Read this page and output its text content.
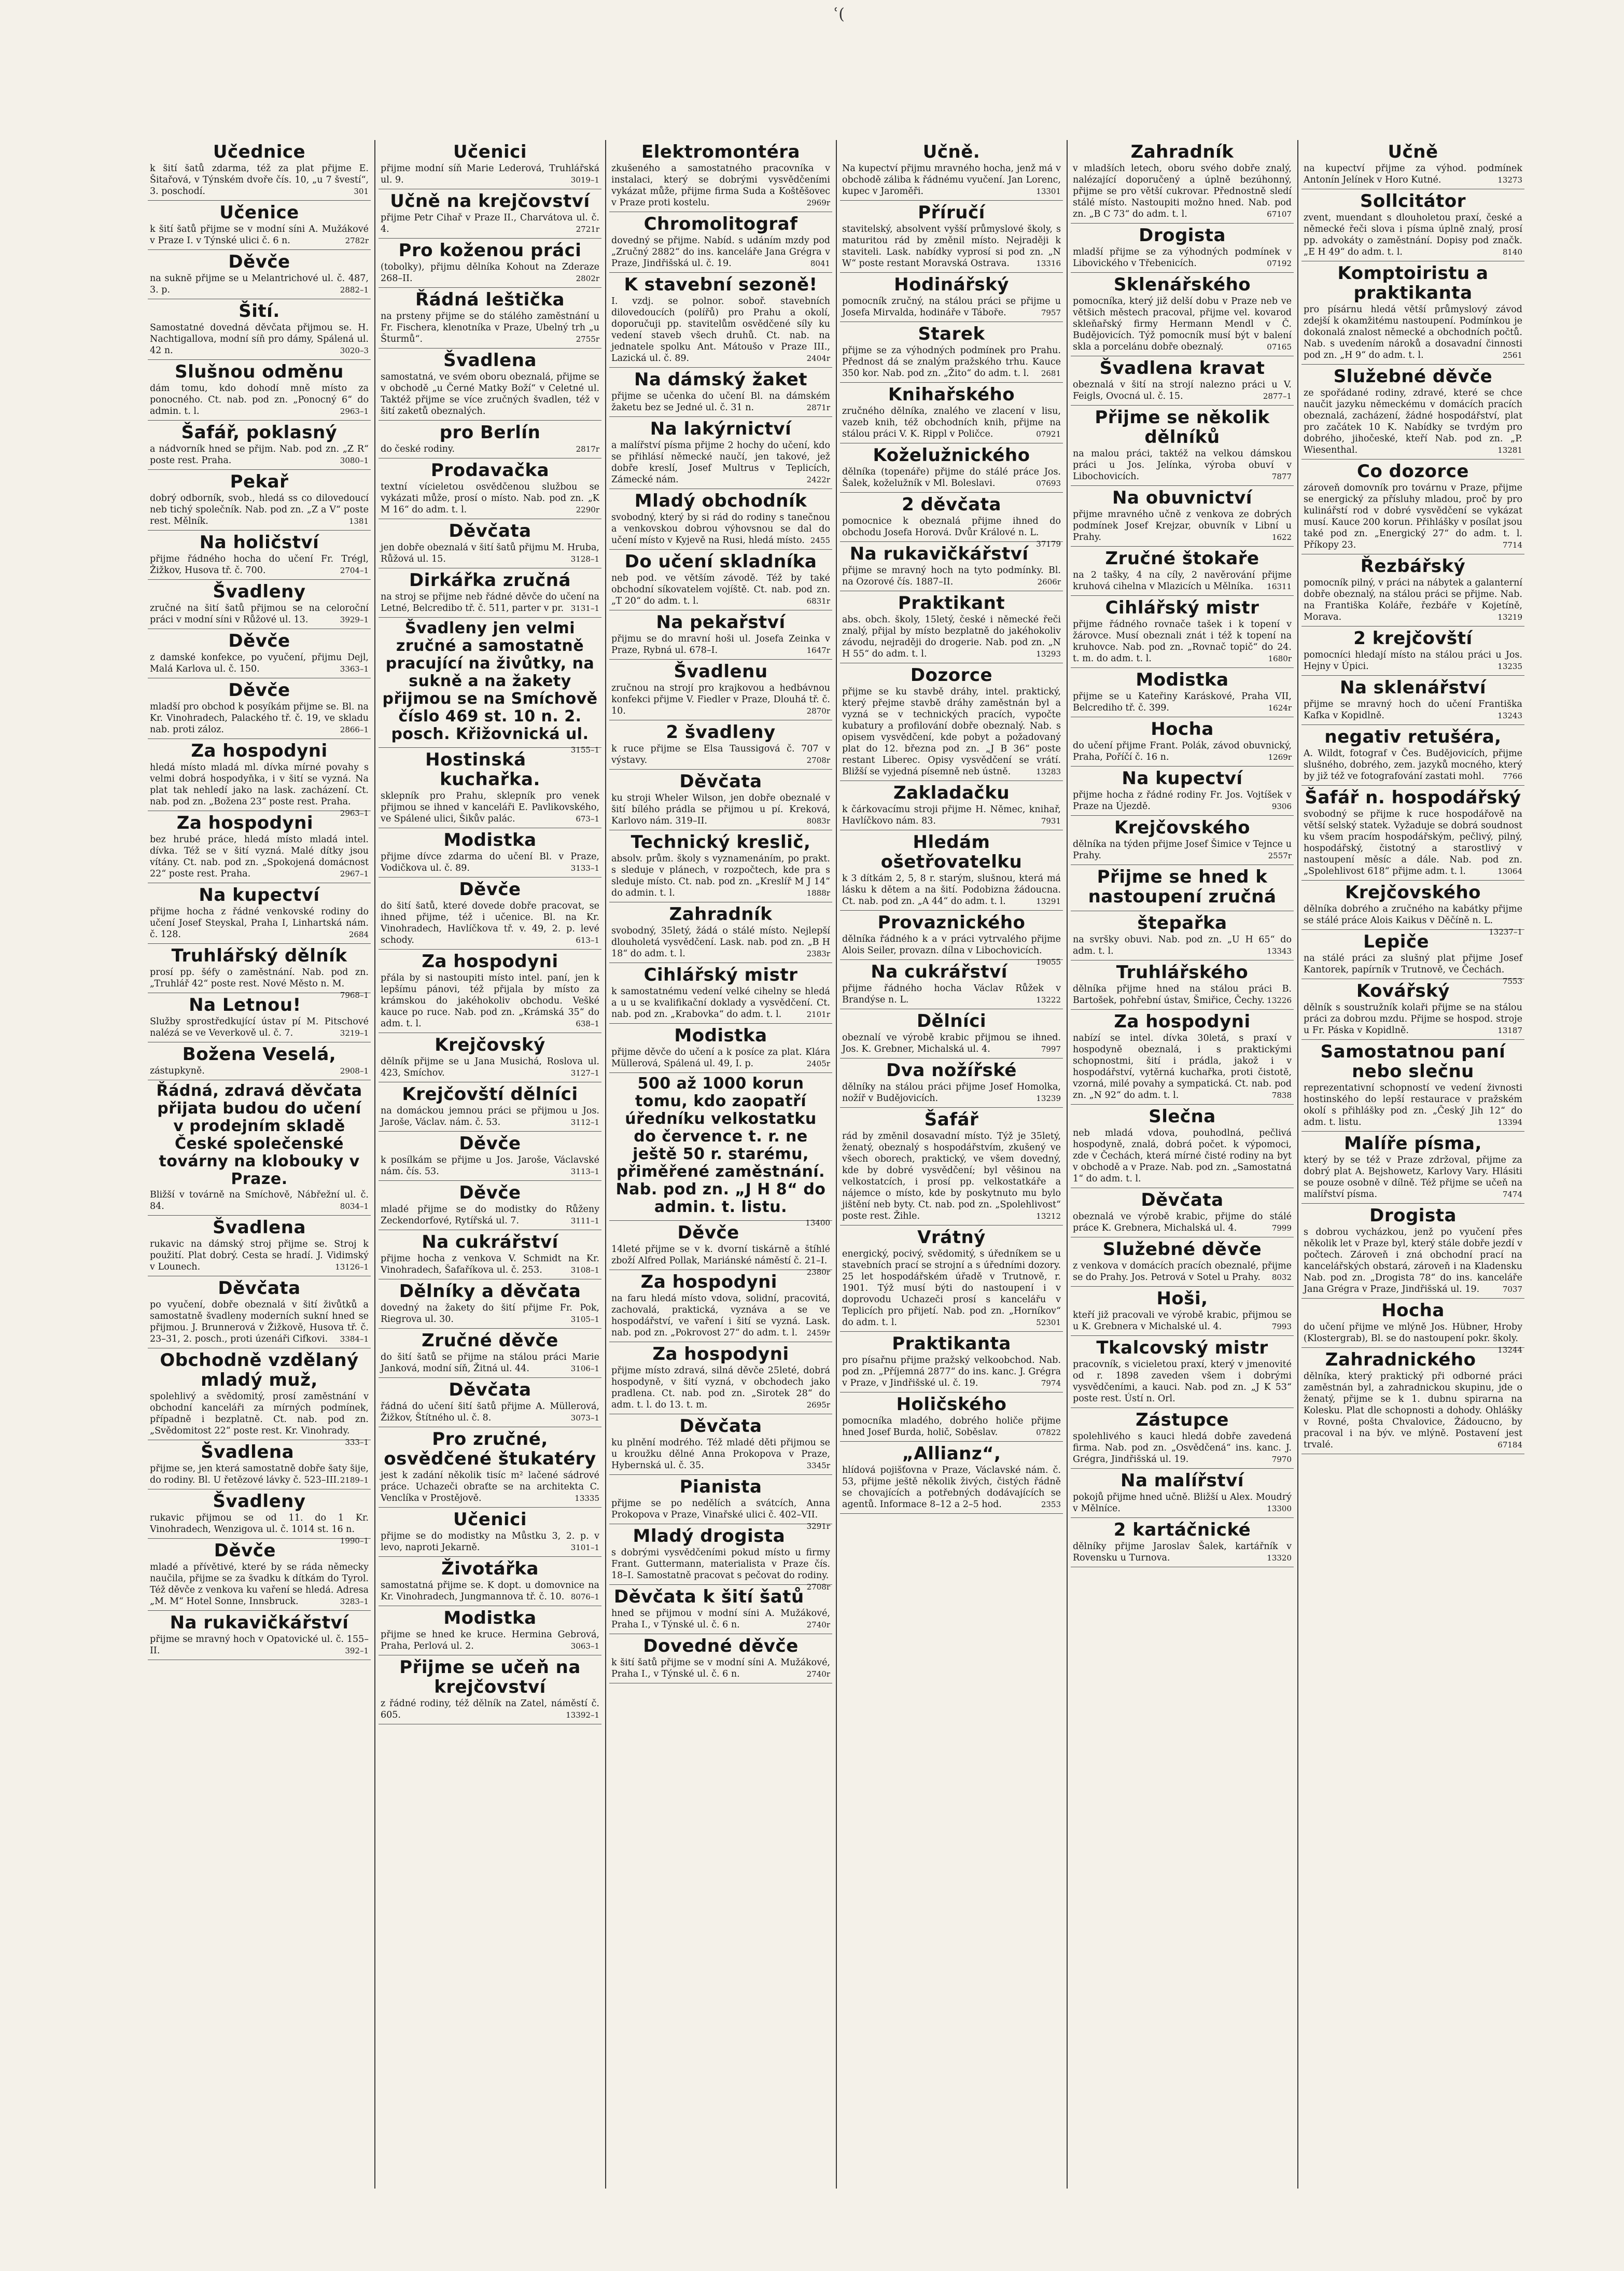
ʿ(
Učednice
k šití šatů zdarma, též za plat přijme E. Šitařová, v Týnském dvoře čís. 10, „u 7 švestí“, 3. poschodí.	301
Učenice
k šití šatů přijme se v modní síni A. Mužákové v Praze I. v Týnské ulici č. 6 n.	2782r
Děvče
na suknĕ přijme se u Melantrichové ul. č. 487, 3. p.	2882–1
Šití.
Samostatné dovedná děvčata přijmou se. H. Nachtigallova, modní síň pro dámy, Spálená ul. 42 n.	3020–3
Slušnou odměnu
dám tomu, kdo dohodí mně místo za ponocného. Ct. nab. pod zn. „Ponocný 6“ do admin. t. l.	2963–1
Šafář, poklasný
a nádvorník hned se přijm. Nab. pod zn. „Z R“ poste rest. Praha.	3080–1
Pekař
dobrý odborník, svob., hledá ss co dilovedoucí neb tichý společník. Nab. pod zn. „Z a V“ poste rest. Mělník.	1381
Na holičství
přijme řádného hocha do učení Fr. Trégl, Žižkov, Husova tř. č. 700.	2704–1
Švadleny
zručné na šití šatů přijmou se na celoroční práci v modní síni v Růžové ul. 13.	3929–1
Děvče
z damské konfekce, po vyučení, přijmu Dejl, Malá Karlova ul. č. 150.	3363–1
Děvče
mladší pro obchod k posyíkám přijme se. Bl. na Kr. Vinohradech, Palackého tř. č. 19, ve skladu nab. proti záloz.	2866–1
Za hospodyni
hledá místo mladá ml. dívka mírné povahy s velmi dobrá hospodyňka, i v šití se vyzná. Na plat tak nehledí jako na lask. zacházení. Ct. nab. pod zn. „Božena 23“ poste rest. Praha.
2963–1
Za hospodyni
bez hrubé práce, hledá místo mladá intel. dívka. Též se v šití vyzná. Malé dítky jsou vítány. Ct. nab. pod zn. „Spokojená domácnost 22“ poste rest. Praha.	2967–1
Na kupectví
přijme hocha z řádné venkovské rodiny do učení Josef Steyskal, Praha I, Linhartská nám. č. 128.	2684
Truhlářský dělník
prosí pp. šéfy o zaměstnání. Nab. pod zn. „Truhlář 42“ poste rest. Nové Město n. M.
7968–1
Na Letnou!
Služby sprostředkující ústav pí M. Pitschové nalézá se ve Veverkově ul. č. 7.	3219–1
Božena Veselá,
zástupkyně.	2908–1
Řádná, zdravá děvčata přijata budou do učení v prodejním skladě České společenské továrny na klobouky v Praze.
Bližší v továrně na Smíchově, Nábřežní ul. č. 84.	8034–1
Švadlena
rukavic na dámský stroj přijme se. Stroj k použití. Plat dobrý. Cesta se hradí. J. Vidimský v Lounech.	13126–1
Děvčata
po vyučení, dobře obeznalá v šití živůtků a samostatně švadleny moderních sukní hned se přijmou. J. Brunnerová v Žižkově, Husova tř. č. 23–31, 2. posch., proti úzenáři Cifkovi. 3384–1
Obchodně vzdělaný mladý muž,
spolehlivý a svědomitý, prosí zaměstnání v obchodní kanceláři za mírných podmínek, případně i bezplatně. Ct. nab. pod zn. „Svědomitost 22“ poste rest. Kr. Vinohrady.
333–1
Švadlena
přijme se, jen která samostatně dobře šaty šije, do rodiny. Bl. U řetězové lávky č. 523–III. 2189–1
Švadleny
rukavic přijmou se od 11. do 1 Kr. Vinohradech, Wenzigova ul. č. 1014 st. 16 n.
1990–1
Děvče
mladé a přívětivé, které by se ráda německy naučila, přijme se za švadku k dítkám do Tyrol. Též děvče z venkova ku vaření se hledá. Adresa „M. M“ Hotel Sonne, Innsbruck.	3283–1
Na rukavičkářství
přijme se mravný hoch v Opatovické ul. č. 155–II.	392–1
Učenici
přijme modní síň Marie Lederová, Truhlářská ul. 9.	3019–1
Učně na krejčovství
přijme Petr Cihař v Praze II., Charvátova ul. č. 4.	2721r
Pro koženou práci
(tobolky), přijmu dělníka Kohout na Zderaze 268–II.	2802r
Řádná leštička
na prsteny přijme se do stálého zaměstnání u Fr. Fischera, klenotníka v Praze, Ubelný trh „u Šturmů“.	2755r
Švadlena
samostatná, ve svém oboru obeznalá, přijme se v obchodě „u Černé Matky Boží“ v Celetné ul. Taktéž přijme se více zručných švadlen, též v šití zaketů obeznalých.
pro Berlín
do české rodiny.	2817r
Prodavačka
textní vícieletou osvědčenou službou se vykázati může, prosí o místo. Nab. pod zn. „K M 16“ do adm. t. l.	2290r
Děvčata
jen dobře obeznalá v šití šatů přijmu M. Hruba, Růžová ul. 15.	3128–1
Dirkářka zručná
na stroj se přijme neb řádné děvče do učení na Letné, Belcredibo tř. č. 511, parter v pr. 3131–1
Švadleny jen velmi zručné a samostatně pracující na živůtky, na sukně a na žakety přijmou se na Smíchově číslo 469 st. 10 n. 2. posch. Křižovnická ul.
3155–1
Hostinská kuchařka.
sklepník pro Prahu, sklepník pro venek přijmou se ihned v kanceláři E. Pavlikovského, ve Spálené ulici, Šikův palác.	673–1
Modistka
přijme dívce zdarma do učení Bl. v Praze, Vodičkova ul. č. 89.	3133–1
Děvče
do šití šatů, které dovede dobře pracovat, se ihned přijme, též i učenice. Bl. na Kr. Vinohradech, Havlíčkova tř. v. 49, 2. p. levé schody.	613–1
Za hospodyni
přála by si nastoupiti místo intel. paní, jen k lepšímu pánovi, též přijala by místo za krámskou do jakéhokoliv obchodu. Vešké kauce po ruce. Nab. pod zn. „Krámská 35“ do adm. t. l.	638–1
Krejčovský
dělník přijme se u Jana Musichá, Roslova ul. 423, Smíchov.	3127–1
Krejčovští dělníci
na domáckou jemnou práci se přijmou u Jos. Jaroše, Václav. nám. č. 53.	3112–1
Děvče
k posílkám se přijme u Jos. Jaroše, Václavské nám. čís. 53.	3113–1
Děvče
mladé přijme se do modistky do Růženy Zeckendorfové, Rytířská ul. 7.	3111–1
Na cukrářství
přijme hocha z venkova V. Schmidt na Kr. Vinohradech, Šafaříkova ul. č. 253.	3108–1
Dělníky a děvčata
dovedný na žakety do šití přijme Fr. Pok, Riegrova ul. 30.	3105–1
Zručné děvče
do šití šatů se přijme na stálou práci Marie Janková, modní síň, Žitná ul. 44.	3106–1
Děvčata
řádná do učení šití šatů přijme A. Müllerová, Žižkov, Štítného ul. č. 8.	3073–1
Pro zručné, osvědčené štukatéry
jest k zadání několik tisíc m² lačené sádrové práce. Uchazeči obraťte se na architekta C. Venclíka v Prostějově.	13335
Učenici
přijme se do modistky na Můstku 3, 2. p. v levo, naproti Jekarně.	3101–1
Životářka
samostatná přijme se. K dopt. u domovnice na Kr. Vinohradech, Jungmannova tř. č. 10. 8076–1
Modistka
přijme se hned ke kruce. Hermina Gebrová, Praha, Perlová ul. 2.	3063–1
Přijme se učeň na krejčovství
z řádné rodiny, též dělník na Zatel, náměstí č. 605.	13392–1
Elektromontéra
zkušeného a samostatného pracovníka v instalaci, který se dobrými vysvědčeními vykázat může, přijme firma Suda a Koštěšovec v Praze proti kostelu.	2969r
Chromolitograf
dovedný se přijme. Nabíd. s udáním mzdy pod „Zručný 2882“ do ins. kanceláře Jana Grégra v Praze, Jindřišská ul. č. 19.	8041
K stavební sezoně!
I. vzdj. se polnor. soboř. stavebních dilovedoucích (polířů) pro Prahu a okolí, doporučuji pp. stavitelům osvědčené síly ku vedení staveb všech druhů. Ct. nab. na jednatele spolku Ant. Mátoušo v Praze III., Lazická ul. č. 89.	2404r
Na dámský žaket
přijme se učenka do učení Bl. na dámském žaketu bez se Jedné ul. č. 31 n.	2871r
Na lakýrnictví
a malířství písma přijme 2 hochy do učení, kdo se přihlásí německé naučí, jen takové, jež dobře kreslí, Josef Multrus v Teplicích, Zámecké nám.	2422r
Mladý obchodník
svobodný, který by si rád do rodiny s tanečnou a venkovskou dobrou výhovsnou se dal do učení místo v Kyjevě na Rusi, hledá místo. 2455
Do učení skladníka
neb pod. ve větším závodě. Též by také obchodní síkovatelem vojíště. Ct. nab. pod zn. „T 20“ do adm. t. l.	6831r
Na pekařství
přijmu se do mravní hoši ul. Josefa Zeinka v Praze, Rybná ul. 678–I.	1647r
Švadlenu
zručnou na strojí pro krajkovou a hedbávnou konfekci přijme V. Fiedler v Praze, Dlouhá tř. č. 10.	2870r
2 švadleny
k ruce přijme se Elsa Taussigová č. 707 v výstavy.	2708r
Děvčata
ku stroji Wheler Wilson, jen dobře obeznalé v šití bílého prádla se přijmou u pí. Kreková, Karlovo nám. 319–II.	8083r
Technický kreslič,
absolv. prům. školy s vyznamenáním, po prakt. s sleduje v plánech, v rozpočtech, kde pra s sleduje místo. Ct. nab. pod zn. „Kreslíř M J 14“ do admin. t. l.	1888r
Zahradník
svobodný, 35letý, žádá o stálé místo. Nejlepší dlouholetá vysvědčení. Lask. nab. pod zn. „B H 18“ do adm. t. l.	2383r
Cihlářský mistr
k samostatnému vedení velké cihelny se hledá a u u se kvalifikační doklady a vysvědčení. Ct. nab. pod zn. „Krabovka“ do adm. t. l.	2101r
Modistka
přijme děvče do učení a k posíce za plat. Klára Müllerová, Spálená ul. 49, I. p.	2405r
500 až 1000 korun tomu, kdo zaopatří úředníku velkostatku do července t. r. ne ještě 50 r. starému, přiměřené zaměstnání. Nab. pod zn. „J H 8“ do admin. t. listu.
13400
Děvče
14leté přijme se v k. dvorní tiskárně a štíhlé zboží Alfred Pollak, Mariánské náměstí č. 21–I.
2380r
Za hospodyni
na faru hledá místo vdova, solidní, pracovitá, zachovalá, praktická, vyznáva a se ve hospodářství, ve vaření i šití se vyzná. Lask. nab. pod zn. „Pokrovost 27“ do adm. t. l. 2459r
Za hospodyni
přijme místo zdravá, silná děvče 25leté, dobrá hospodyně, v šití vyzná, v obchodech jako pradlena. Ct. nab. pod zn. „Sirotek 28“ do adm. t. l. do 13. t. m.	2695r
Děvčata
ku plnění modrého. Též mladé děti přijmou se u kroužku dělné Anna Prokopova v Praze, Hybernská ul. č. 35.	3345r
Pianista
přijme se po nedělích a svátcích, Anna Prokopova v Praze, Vinařské ulici č. 402–VII.
3291r
Mladý drogista
s dobrými vysvědčeními pokud místo u firmy Frant. Guttermann, materialista v Praze čís. 18–I. Samostatně pracovat s pečovat do rodiny.
2708r
Děvčata k šití šatů
hned se přijmou v modní síni A. Mužákové, Praha I., v Týnské ul. č. 6 n.	2740r
Dovedné děvče
k šití šatů přijme se v modní síni A. Mužákové, Praha I., v Týnské ul. č. 6 n.	2740r
Učně.
Na kupectví přijmu mravného hocha, jenž má v obchodě záliba k řádnému vyučení. Jan Lorenc, kupec v Jaroměři.	13301
Příručí
stavitelský, absolvent vyšší průmyslové školy, s maturitou rád by změnil místo. Nejraději k staviteli. Lask. nabídky vyprosí si pod zn. „N W“ poste restant Moravská Ostrava.	13316
Hodinářský
pomocník zručný, na stálou práci se přijme u Josefa Mirvalda, hodináře v Táboře.	7957
Starek
přijme se za výhodných podmínek pro Prahu. Přednost dá se znalým pražského trhu. Kauce 350 kor. Nab. pod zn. „Žito“ do adm. t. l. 2681
Knihařského
zručného dělníka, znalého ve zlacení v lisu, vazeb knih, též obchodních knih, přijme na stálou práci V. K. Rippl v Poličce.	07921
Koželužnického
dělníka (topenáře) přijme do stálé práce Jos. Šalek, koželužník v Ml. Boleslavi.	07693
2 děvčata
pomocnice k obeznalá přijme ihned do obchodu Josefa Horová. Dvůr Králové n. L.
37179
Na rukavičkářství
přijme se mravný hoch na tyto podmínky. Bl. na Ozorové čís. 1887–II.	2606r
Praktikant
abs. obch. školy, 15letý, české i německé řeči znalý, přijal by místo bezplatně do jakéhokoliv závodu, nejraději do drogerie. Nab. pod zn. „N H 55“ do adm. t. l.	13293
Dozorce
přijme se ku stavbě dráhy, intel. praktický, který přejme stavbě dráhy zaměstnán byl a vyzná se v technických pracích, vypočte kubatury a profilování dobře obeznalý. Nab. s opisem vysvědčení, kde pobyt a požadovaný plat do 12. března pod zn. „J B 36“ poste restant Liberec. Opisy vysvědčení se vrátí. Bližší se vyjedná písemně neb ústně.	13283
Zakladačku
k čárkovacímu stroji přijme H. Němec, knihař, Havlíčkovo nám. 83.	7931
Hledám ošetřovatelku
k 3 dítkám 2, 5, 8 r. starým, slušnou, která má lásku k dětem a na šití. Podobizna žádoucna. Ct. nab. pod zn. „A 44“ do adm. t. l.	13291
Provaznického
dělníka řádného k a v práci vytrvalého přijme Alois Seiler, provazn. dílna v Libochovicích.
19055
Na cukrářství
přijme řádného hocha Václav Růžek v Brandýse n. L.	13222
Dělníci
obeznalí ve výrobě krabic přijmou se ihned. Jos. K. Grebner, Michalská ul. 4.	7997
Dva nožířské
dělníky na stálou práci přijme Josef Homolka, nožíř v Budějovicích.	13239
Šafář
rád by změnil dosavadní místo. Týž je 35letý, ženatý, obeznalý s hospodářstvím, zkušený ve všech oborech, praktický, ve všem dovedný, kde by dobré vysvědčení; byl věšinou na velkostatcích, i prosí pp. velkostatkáře a nájemce o místo, kde by poskytnuto mu bylo jištění neb byty. Ct. nab. pod zn. „Spolehlivost“ poste rest. Žihle.	13212
Vrátný
energický, pocivý, svědomitý, s úředníkem se u stavebních prací se strojní a s úředními dozory. 25 let hospodářském úřadě v Trutnově, r. 1901. Týž musí býti do nastoupení i v doprovodu Uchazeči prosí s kancelářu v Teplicích pro přijetí. Nab. pod zn. „Horníkov“ do adm. t. l.	52301
Praktikanta
pro písařnu přijme pražský velkoobchod. Nab. pod zn. „Příjemná 2877“ do ins. kanc. J. Grégra v Praze, v Jindřišské ul. č. 19.	7974
Holičského
pomocníka mladého, dobrého holiče přijme hned Josef Burda, holič, Soběslav.	07822
„Allianz“,
hlídová pojišťovna v Praze, Václavské nám. č. 53, přijme ještě několik živých, čistých řádně se chovajících a potřebných dodávajících se agentů. Informace 8–12 a 2–5 hod.	2353
Zahradník
v mladších letech, oboru svého dobře znalý, nalézající doporučený a úplně bezúhonný, přijme se pro větší cukrovar. Přednostně sledí stálé místo. Nastoupiti možno hned. Nab. pod zn. „B C 73“ do adm. t. l.	67107
Drogista
mladší přijme se za výhodných podmínek v Libovického v Třebenicích.	07192
Sklenářského
pomocníka, který již delší dobu v Praze neb ve většich městech pracoval, přijme vel. kovarod skleňařský firmy Hermann Mendl v Č. Budějovicích. Týž pomocník musí být v balení skla a porcelánu dobře obeznalý.	07165
Švadlena kravat
obeznalá v šití na strojí nalezno práci u V. Feigls, Ovocná ul. č. 15.	2877–1
Přijme se několik dělníků
na malou práci, taktéž na velkou dámskou práci u Jos. Jelínka, výroba obuví v Libochovicích.	7877
Na obuvnictví
přijme mravného učně z venkova ze dobrých podmínek Josef Krejzar, obuvník v Libní u Prahy.	1622
Zručné štokaře
na 2 tašky, 4 na cíly, 2 navěrování přijme kruhová cihelna v Mlazicích u Mělníka. 16311
Cihlářský mistr
přijme řádného rovnače tašek i k topení v žárovce. Musí obeznali znát i též k topení na kruhovce. Nab. pod zn. „Rovnač topič“ do 24. t. m. do adm. t. l.	1680r
Modistka
přijme se u Kateřiny Karáskové, Praha VII, Belcrediho tř. č. 399.	1624r
Hocha
do učení přijme Frant. Polák, závod obuvnický, Praha, Poříčí č. 16 n.	1269r
Na kupectví
přijme hocha z řádné rodiny Fr. Jos. Vojtíšek v Praze na Újezdě.	9306
Krejčovského
dělníka na týden přijme Josef Šimice v Tejnce u Prahy.	2557r
Přijme se hned k nastoupení zručná
štepařka
na svršky obuvi. Nab. pod zn. „U H 65“ do adm. t. l.	13343
Truhlářského
dělníka přijme hned na stálou práci B. Bartošek, pohřební ústav, Šmiřice, Čechy. 13226
Za hospodyni
nabízí se intel. dívka 30letá, s praxí v hospodyně obeznalá, i s praktickými schopnostmi, šití i prádla, jakož i v hospodářství, vytěrná kuchařka, proti čistotě, vzorná, milé povahy a sympatická. Ct. nab. pod zn. „N 92“ do adm. t. l.	7838
Slečna
neb mladá vdova, pouhodlná, pečlivá hospodyně, znalá, dobrá počet. k výpomoci, zde v Čechách, která mírné čisté rodiny na byt v obchodě a v Praze. Nab. pod zn. „Samostatná 1“ do adm. t. l.
Děvčata
obeznalá ve výrobě krabic, přijme do stálé práce K. Grebnera, Michalská ul. 4.	7999
Služebné děvče
z venkova v domácích pracích obeznalé, přijme se do Prahy. Jos. Petrová v Sotel u Prahy. 8032
Hoši,
kteří již pracovali ve výrobě krabic, přijmou se u K. Grebnera v Michalské ul. 4.	7993
Tkalcovský mistr
pracovník, s vicieletou praxí, který v jmenovité od r. 1898 zaveden všem i dobrými vysvědčeními, a kauci. Nab. pod zn. „J K 53“ poste rest. Ústí n. Orl.
Zástupce
spolehlivého s kauci hledá dobře zavedená firma. Nab. pod zn. „Osvědčená“ ins. kanc. J. Grégra, Jindřišská ul. 19.	7970
Na malířství
pokojů přijme hned učně. Bližší u Alex. Moudrý v Mělníce.	13300
2 kartáčnické
dělníky přijme Jaroslav Šalek, kartářník v Rovensku u Turnova.	13320
Učně
na kupectví přijme za výhod. podmínek Antonín Jelínek v Horo Kutné.	13273
Sollcitátor
zvent, muendant s dlouholetou praxí, české a německé řeči slova i písma úplně znalý, prosí pp. advokáty o zaměstnání. Dopisy pod značk. „E H 49“ do adm. t. l.	8140
Komptoiristu a praktikanta
pro písárnu hledá větší průmyslový závod zdejší k okamžitému nastoupení. Podmínkou je dokonalá znalost německé a obchodních počtů. Nab. s uvedením nároků a dosavadní činnosti pod zn. „H 9“ do adm. t. l.	2561
Služebné děvče
ze spořádané rodiny, zdravé, které se chce naučit jazyku německému v domácích pracích obeznalá, zacházení, žádné hospodářství, plat pro začátek 10 K. Nabídky se tvrdým pro dobrého, jihočeské, kteří Nab. pod zn. „P. Wiesenthal.	13281
Co dozorce
zároveň domovník pro továrnu v Praze, přijme se energický za přísluhy mladou, proč by pro kulinářstí rod v dobré vysvědčení se vykázat musí. Kauce 200 korun. Přihlášky v posílat jsou také pod zn. „Energický 27“ do adm. t. l. Příkopy 23.	7714
Řezbářský
pomocník pilný, v práci na nábytek a galanterní dobře obeznalý, na stálou práci se přijme. Nab. na Františka Koláře, řezbáře v Kojetíně, Morava.	13219
2 krejčovští
pomocníci hledají místo na stálou práci u Jos. Hejny v Úpici.	13235
Na sklenářství
přijme se mravný hoch do učení Františka Kafka v Kopidlně.	13243
negativ retušéra,
A. Wildt, fotograf v Čes. Budějovicích, přijme slušného, dobrého, zem. jazyků mocného, který by již též ve fotografování zastati mohl. 7766
Šafář n. hospodářský
svobodný se přijme k ruce hospodářově na větší selský statek. Vyžaduje se dobrá soudnost ku všem pracím hospodářským, pečlivý, pilný, hospodářský, čistotný a starostlivý v nastoupení měsíc a dále. Nab. pod zn. „Spolehlivost 618“ přijme adm. t. l.	13064
Krejčovského
dělníka dobrého a zručného na kabátky přijme se stálé práce Alois Kaikus v Děčíně n. L.
13237–1
Lepiče
na stálé práci za slušný plat přijme Josef Kantorek, papírník v Trutnově, ve Čechách.
7553
Kovářský
dělník s soustružník kolaři přijme se na stálou práci za dobrou mzdu. Přijme se hospod. stroje u Fr. Páska v Kopidlně.	13187
Samostatnou paní nebo slečnu
reprezentativní schopností ve vedení živnosti hostinského do lepší restaurace v pražském okolí s přihlášky pod zn. „Český Jih 12“ do adm. t. listu.	13394
Malíře písma,
který by se též v Praze zdržoval, přijme za dobrý plat A. Bejshowetz, Karlovy Vary. Hlásiti se pouze osobně v dílně. Též přijme se učeň na malířství písma.	7474
Drogista
s dobrou vycházkou, jenž po vyučení přes několik let v Praze byl, který stále dobře jezdí v počtech. Zároveň i zná obchodní prací na kancelářských obstará, zároveň i na Kladensku Nab. pod zn. „Drogista 78“ do ins. kanceláře Jana Grégra v Praze, Jindřišská ul. 19.	7037
Hocha
do učení přijme ve mlýně Jos. Hübner, Hroby (Klostergrab), Bl. se do nastoupení pokr. školy.
13244
Zahradnického
dělníka, který praktický při odborné práci zaměstnán byl, a zahradnickou skupinu, jde o ženatý, přijme se k 1. dubnu spirarna na Kolesku. Plat dle schopnosti a dohody. Ohlášky v Rovné, pošta Chvalovice, Žádoucno, by pracoval i na býv. ve mlýně. Postavení jest trvalé.	67184
